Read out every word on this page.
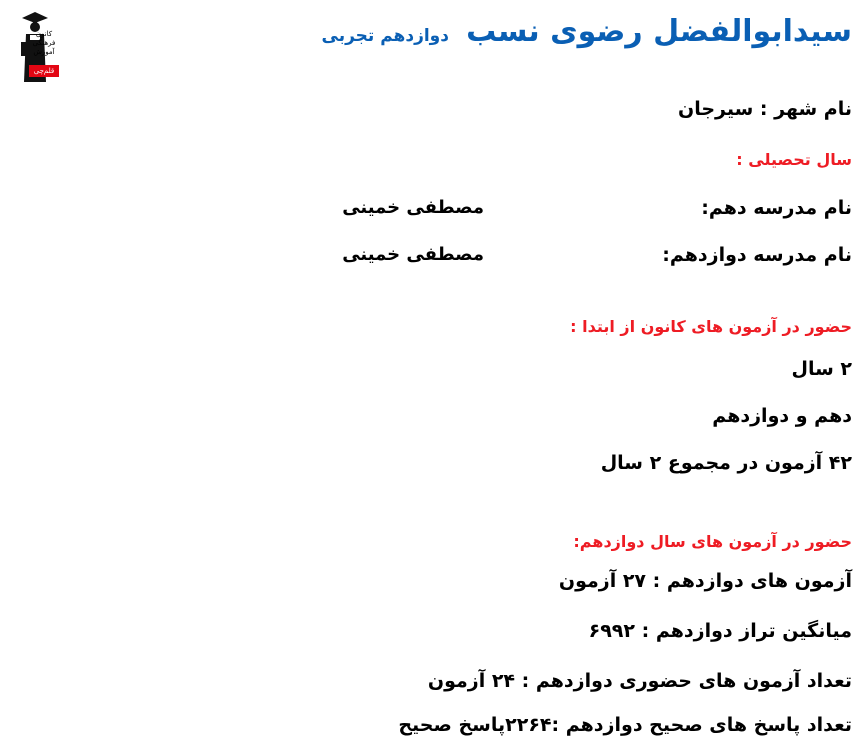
کانون
فرهنگی
آموزش
قلم‌چی
سیدابوالفضل رضوی نسب دوازدهم تجربی
نام شهر : سیرجان
سال تحصیلی :
نام مدرسه دهم:
مصطفی خمینی
نام مدرسه دوازدهم:
مصطفی خمینی
حضور در آزمون های کانون از ابتدا :
۲ سال
دهم و دوازدهم
۴۲ آزمون در مجموع ۲ سال
حضور در آزمون های سال دوازدهم:
آزمون های دوازدهم : ۲۷ آزمون
میانگین تراز دوازدهم : ۶۹۹۲
تعداد آزمون های حضوری دوازدهم : ۲۴ آزمون
تعداد پاسخ های صحیح دوازدهم :۲۲۶۴پاسخ صحیح
